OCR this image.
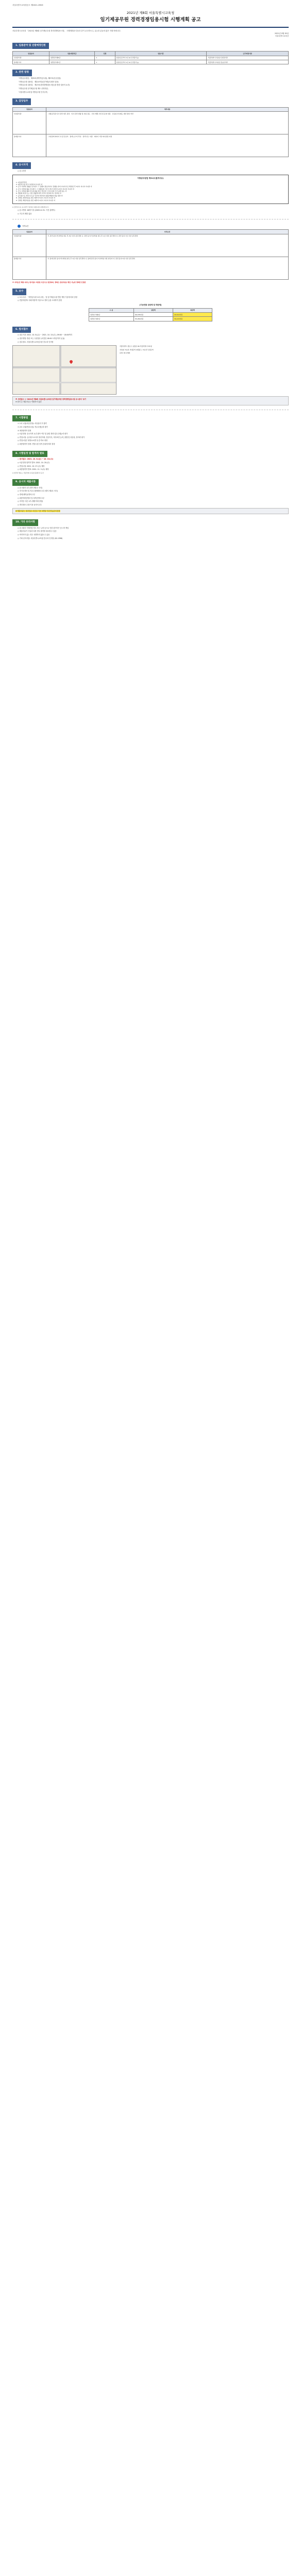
서울특별시교육청공고 제2021-196호
2021년 제8회 서울특별시교육청
임기제공무원 경력경쟁임용시험 시행계획 공고
서울특별시교육청 「2021년 제8회 임기제공무원 경력경쟁임용시험」 시행계획을 다음과 같이 공고하오니, 유능한 분들의 많은 지원 바랍니다.
2021년 9월 30일
서울특별시교육감
1. 임용분야 및 선발예정인원
임용분야	임용예정직급	인원	임용기간	근무예정기관
인천원서과	일반임기제6급	1	임용일로부터 1년 (1년 연장가능)	서울특별시교육청 인천원서과
통계분석사	일반임기제7급	1	임용일로부터 1년 (1년 연장가능)	서울특별시교육청 정보분석과
2. 관련 법령
「지방공무원법」 제25조(계약직공무원), 제27조(신규임용)
「지방공무원 임용령」 제21조의2(임기제공무원의 임용)
「지방공무원 임용령」 제17조(경력경쟁임용시험등을 통한 임용의 요건)
「지방공무원 임기제공무원 제도 운영지침」
「서울특별시교육청 지방공무원 인사규칙」
3. 담당업무
임용분야	세부내용
인천원서과	· 지방공무원 인사 관련 업무 담당 · 인사 관련 법령 및 지침 검토 · 인사 계획 수립 및 운영 지원 · 교육청 인사제도 개선 방안 마련
통계분석사	· 교육통계 데이터 수집 및 분석 · 통계 보고서 작성 · 정책 연구 지원 · 데이터 기반 의사결정 지원
4. 응시자격
○ 응시자격
지방공무원법 제31조(결격사유)
1. 피성년후견인
2. 파산선고를 받고 복권되지 아니한 자
3. 금고 이상의 실형을 선고받고 그 집행이 종료되거나 집행을 받지 아니하기로 확정된 후 5년이 지나지 아니한 자
4. 금고 이상의 형을 선고받고 그 집행유예 기간이 끝난 날부터 2년이 지나지 아니한 자
5. 금고 이상의 형의 선고유예를 받은 경우에 그 선고유예 기간 중에 있는 자
6. 법원의 판결 또는 다른 법률에 따라 자격이 상실되거나 정지된 자
7. 공무원으로 재직기간 중 직무와 관련하여 횡령·배임의 죄를 범한 자
8. 징계로 파면처분을 받은 때부터 5년이 지나지 아니한 자
9. 징계로 해임처분을 받은 때부터 3년이 지나지 아니한 자
※ 결격사유 등 응시자격 기준일은 최종시험 시행일입니다.
○ 응시연령: 18세 이상 (2003.12.31. 이전 출생자)
○ 거주지 제한 없음
자격요건
임용분야	자격요건
인천원서과	가. 관련 분야 학사학위 취득 후 3년 이상 실무경력 나. 관련 분야 석사학위 취득 후 1년 이상 실무경력 다. 관련 분야 7년 이상 실무경력
통계분석사	가. 통계 관련 분야 학사학위 취득 후 1년 이상 실무경력 나. 통계 관련 분야 석사학위 이상 취득자 다. 관련 분야 3년 이상 실무경력
※ 자격요건 해당 여부는 원서접수 마감일 기준으로 판단하며, 경력은 증빙서류로 확인 가능한 경력만 인정함
5. 보수
○ 보수수준: 「지방공무원 보수규정」 및 임기제공무원 연봉 책정 기준에 따라 결정
○ 연봉하한액: 아래 하한액 이상으로 경력 등을 고려하여 결정
[기준연봉 상한액 및 하한액]
구 분	상한액	하한액
일반임기제6급	66,978천원	44,614천원
일반임기제7급	55,059천원	39,223천원
6. 원서접수
○ 접수기간: 2021. 10. 8.(금) ~ 2021. 10. 13.(수), 09:00 ~ 18:00까지
○ 접수방법: 방문 또는 우편접수 (마감일 18:00 도착분까지 유효)
○ 접수장소: 서울특별시교육청 3층 총무과 인사팀
서울특별시 종로구 송월길 48 서울특별시교육청
지하철: 5호선 서대문역 4번출구 / 3호선 독립문역
문의: 02-1396
※ 우편접수 시 '2021년 제8회 서울특별시교육청 임기제공무원 경력경쟁임용시험 응시원서' 표기
※ 원서 등 제출서류는 반환하지 않음
7. 시험방법
① 1차 시험(서류전형): 서류심사 후 합격
② 2차 시험(면접시험): 직무수행능력 평가
③ 최종합격자 결정
○ 서류전형: 응시자격 요건 충족 여부 및 관련 경력·업무수행능력 평가
○ 면접시험: 공무원으로서의 정신자세, 전문지식, 의사표현 능력, 품행 및 성실성, 창의력 평가
○ 면접시험은 평정요소별 상·중·하로 평정
○ 최종합격자 결정: 면접시험 성적 순위에 따라 결정
8. 시험일정 및 합격자 발표
○ 원서접수: 2021. 10. 8.(금) ~ 10. 13.(수)
○ 서류전형 합격자 발표: 2021. 10. 20.(수)
○ 면접시험: 2021. 10. 27.(수) 예정
○ 최종합격자 발표: 2021. 11. 3.(수) 예정
※ 합격자 발표는 서울특별시교육청 홈페이지 공지
9. 응시자 제출서류
○ 응시원서 1부 (별지 제1호 서식)
○ 자기소개서 및 직무수행계획서 1부 (별지 제2호 서식)
○ 경력(재직)증명서 1부
○ 최종학력증명서 및 성적증명서 1부
○ 자격증 사본 1부 (해당자에 한함)
○ 개인정보 수집·이용 동의서 1부
※ 제출서류는 원서접수 마감일 기준 3개월 이내 발급분에 한함
10. 기타 유의사항
○ 응시원서 기재사항 착오 또는 누락 등으로 인한 불이익은 응시자 책임
○ 제출서류가 사실과 다를 경우 합격을 취소할 수 있음
○ 적격자가 없는 경우 선발하지 않을 수 있음
○ 기타 문의사항: 서울특별시교육청 총무과 인사팀 (02-1396)
